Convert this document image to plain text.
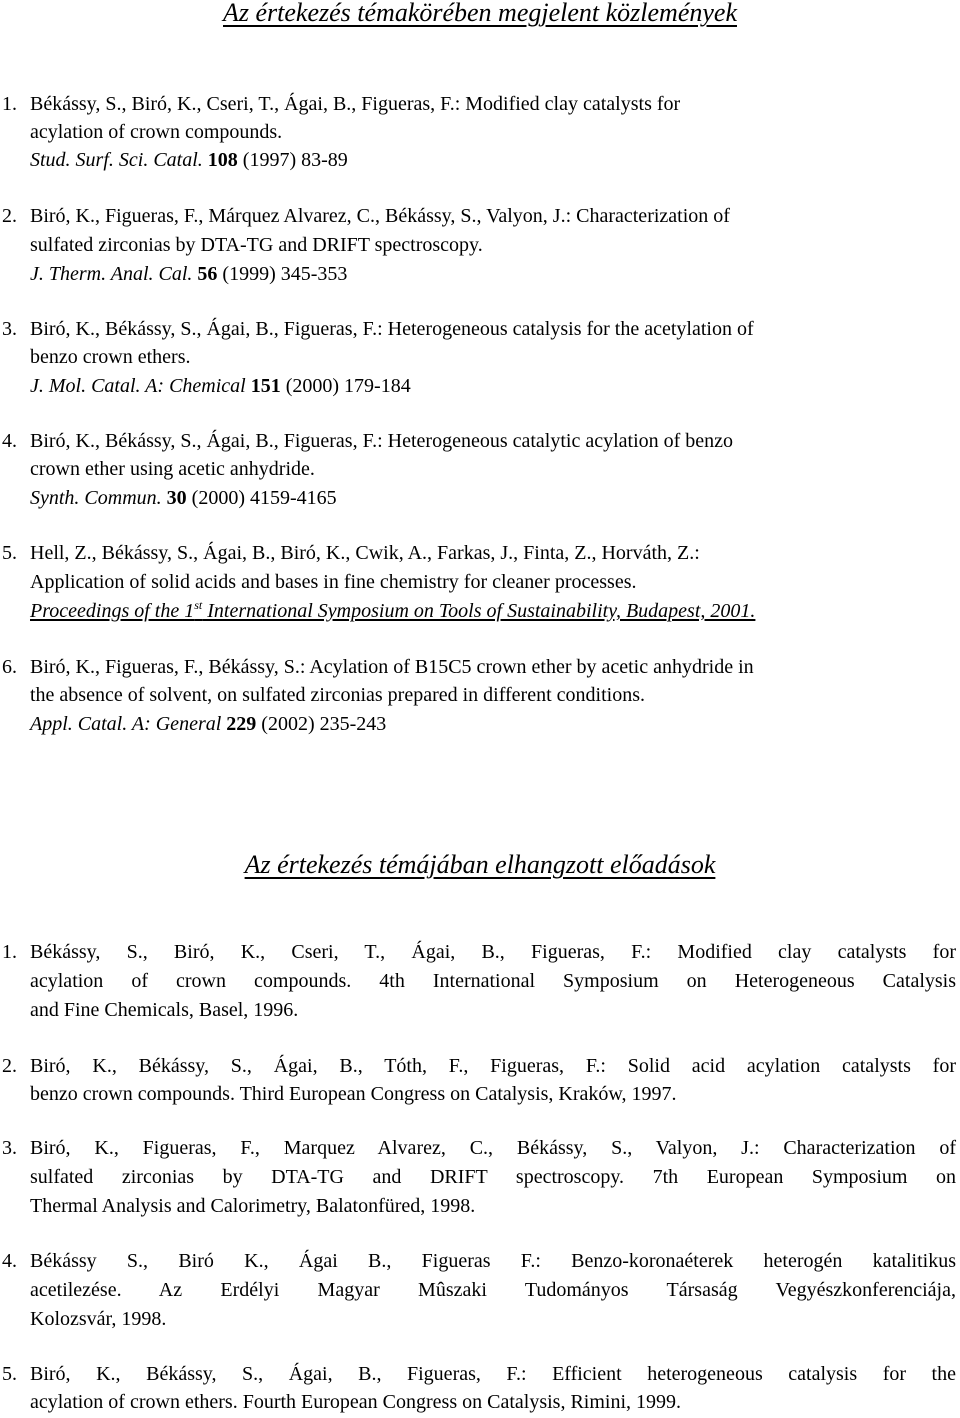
Az értekezés témakörében megjelent közlemények
1. Békássy, S., Biró, K., Cseri, T., Ágai, B., Figueras, F.: Modified clay catalysts for
acylation of crown compounds.
Stud. Surf. Sci. Catal. 108 (1997) 83-89
2. Biró, K., Figueras, F., Márquez Alvarez, C., Békássy, S., Valyon, J.: Characterization of
sulfated zirconias by DTA-TG and DRIFT spectroscopy.
J. Therm. Anal. Cal. 56 (1999) 345-353
3. Biró, K., Békássy, S., Ágai, B., Figueras, F.: Heterogeneous catalysis for the acetylation of
benzo crown ethers.
J. Mol. Catal. A: Chemical 151 (2000) 179-184
4. Biró, K., Békássy, S., Ágai, B., Figueras, F.: Heterogeneous catalytic acylation of benzo
crown ether using acetic anhydride.
Synth. Commun. 30 (2000) 4159-4165
5. Hell, Z., Békássy, S., Ágai, B., Biró, K., Cwik, A., Farkas, J., Finta, Z., Horváth, Z.:
Application of solid acids and bases in fine chemistry for cleaner processes.
Proceedings of the 1st International Symposium on Tools of Sustainability, Budapest, 2001.
6. Biró, K., Figueras, F., Békássy, S.: Acylation of B15C5 crown ether by acetic anhydride in
the absence of solvent, on sulfated zirconias prepared in different conditions.
Appl. Catal. A: General 229 (2002) 235-243
Az értekezés témájában elhangzott előadások
1. Békássy, S., Biró, K., Cseri, T., Ágai, B., Figueras, F.: Modified clay catalysts for
acylation of crown compounds. 4th International Symposium on Heterogeneous Catalysis
and Fine Chemicals, Basel, 1996.
2. Biró, K., Békássy, S., Ágai, B., Tóth, F., Figueras, F.: Solid acid acylation catalysts for
benzo crown compounds. Third European Congress on Catalysis, Kraków, 1997.
3. Biró, K., Figueras, F., Marquez Alvarez, C., Békássy, S., Valyon, J.: Characterization of
sulfated zirconias by DTA-TG and DRIFT spectroscopy. 7th European Symposium on
Thermal Analysis and Calorimetry, Balatonfüred, 1998.
4. Békássy S., Biró K., Ágai B., Figueras F.: Benzo-koronaéterek heterogén katalitikus
acetilezése. Az Erdélyi Magyar Mûszaki Tudományos Társaság Vegyészkonferenciája,
Kolozsvár, 1998.
5. Biró, K., Békássy, S., Ágai, B., Figueras, F.: Efficient heterogeneous catalysis for the
acylation of crown ethers. Fourth European Congress on Catalysis, Rimini, 1999.
